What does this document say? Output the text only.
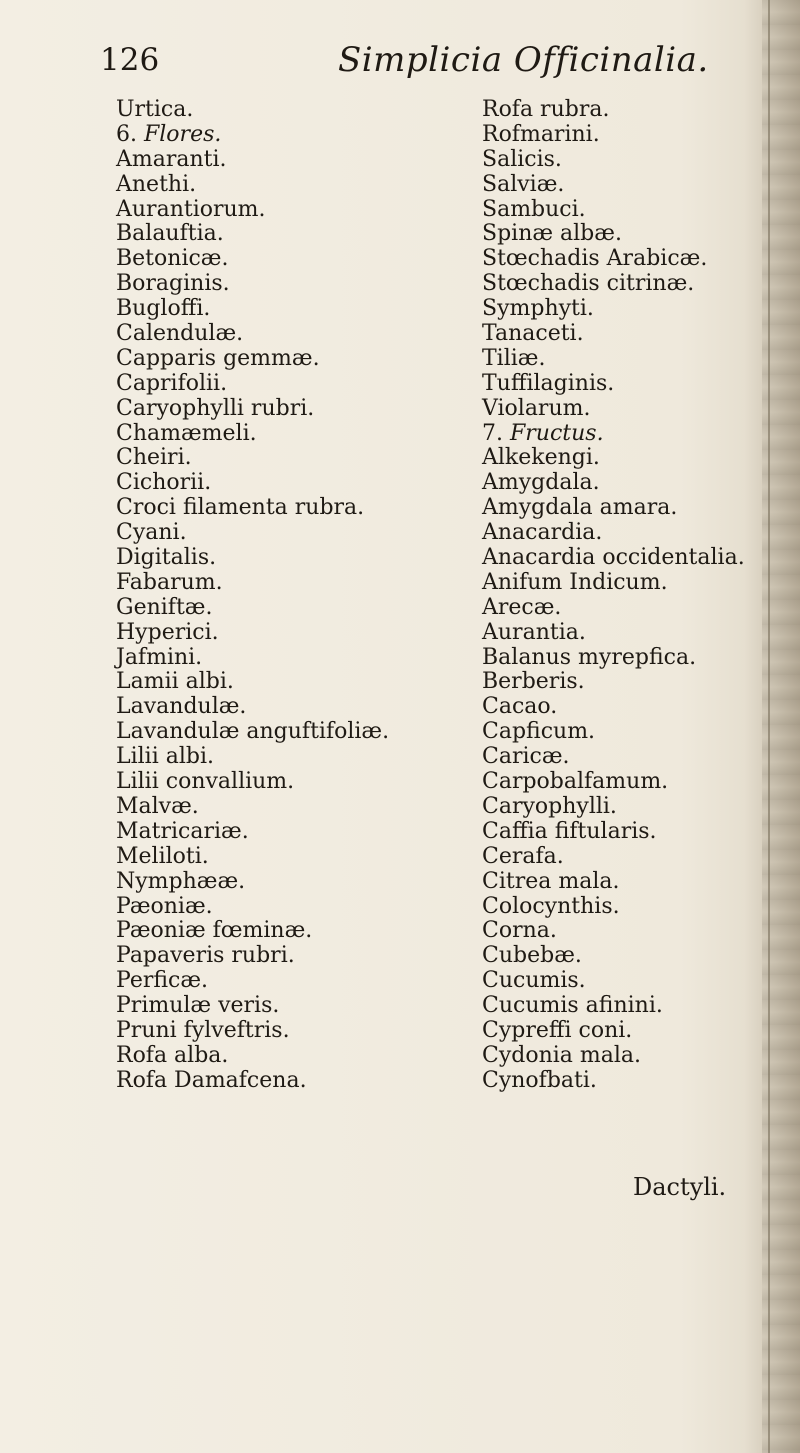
126	Simplicia Officinalia.
Urtica.
6. Flores.
Amaranti.
Anethi.
Aurantiorum.
Balauftia.
Betonicæ.
Boraginis.
Bugloffi.
Calendulæ.
Capparis gemmæ.
Caprifolii.
Caryophylli rubri.
Chamæmeli.
Cheiri.
Cichorii.
Croci filamenta rubra.
Cyani.
Digitalis.
Fabarum.
Geniftæ.
Hyperici.
Jafmini.
Lamii albi.
Lavandulæ.
Lavandulæ anguftifoliæ.
Lilii albi.
Lilii convallium.
Malvæ.
Matricariæ.
Meliloti.
Nymphææ.
Pæoniæ.
Pæoniæ fœminæ.
Papaveris rubri.
Perficæ.
Primulæ veris.
Pruni fylveftris.
Rofa alba.
Rofa Damafcena.
Rofa rubra.
Rofmarini.
Salicis.
Salviæ.
Sambuci.
Spinæ albæ.
Stœchadis Arabicæ.
Stœchadis citrinæ.
Symphyti.
Tanaceti.
Tiliæ.
Tuffilaginis.
Violarum.
7. Fructus.
Alkekengi.
Amygdala.
Amygdala amara.
Anacardia.
Anacardia occidentalia.
Anifum Indicum.
Arecæ.
Aurantia.
Balanus myrepfica.
Berberis.
Cacao.
Capficum.
Caricæ.
Carpobalfamum.
Caryophylli.
Caffia fiftularis.
Cerafa.
Citrea mala.
Colocynthis.
Corna.
Cubebæ.
Cucumis.
Cucumis afinini.
Cypreffi coni.
Cydonia mala.
Cynofbati.
Dactyli.
